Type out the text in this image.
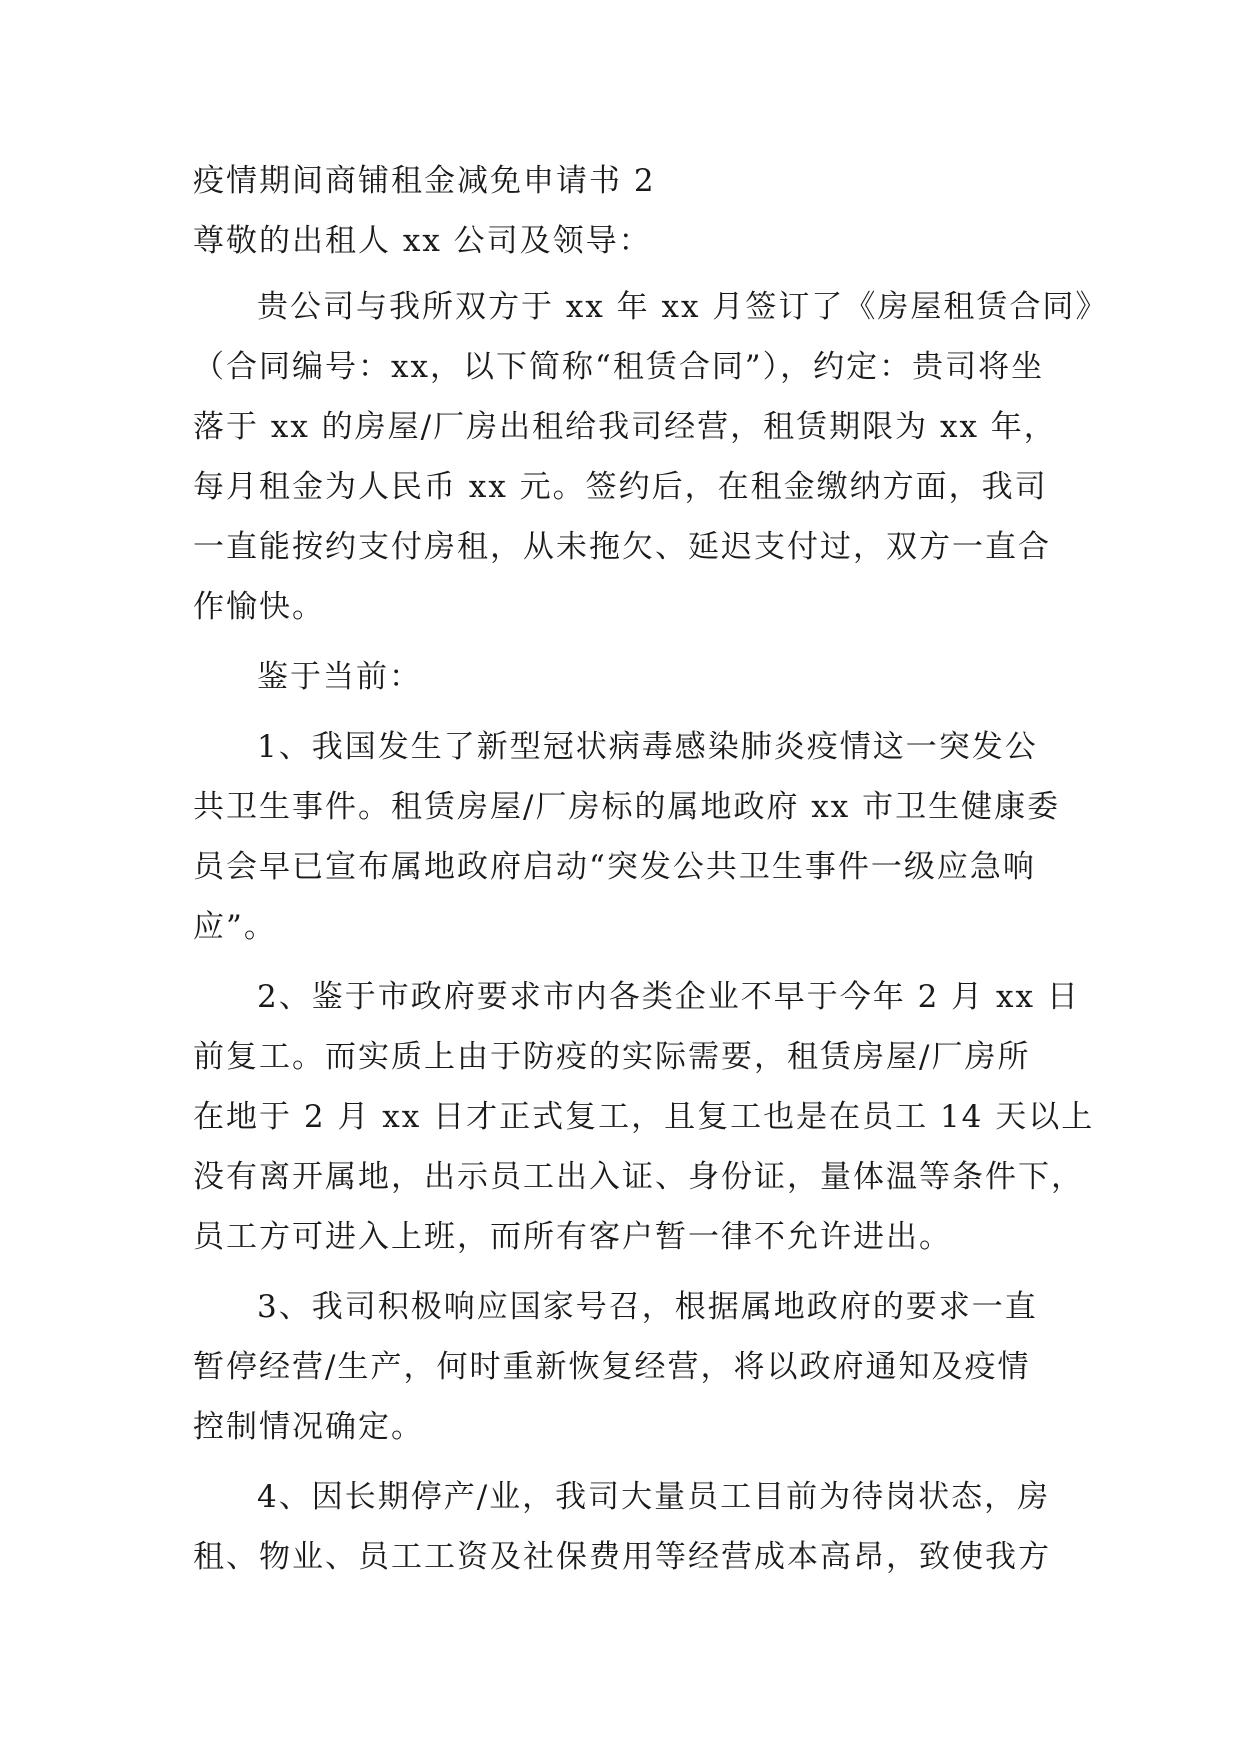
疫情期间商铺租金减免申请书 2
尊敬的出租人 xx 公司及领导：
贵公司与我所双方于 xx 年 xx 月签订了《房屋租赁合同》
（合同编号：xx，以下简称“租赁合同”），约定：贵司将坐
落于 xx 的房屋/厂房出租给我司经营，租赁期限为 xx 年，
每月租金为人民币 xx 元。签约后，在租金缴纳方面，我司
一直能按约支付房租，从未拖欠、延迟支付过，双方一直合
作愉快。
鉴于当前：
1、我国发生了新型冠状病毒感染肺炎疫情这一突发公
共卫生事件。租赁房屋/厂房标的属地政府 xx 市卫生健康委
员会早已宣布属地政府启动“突发公共卫生事件一级应急响
应”。
2、鉴于市政府要求市内各类企业不早于今年 2 月 xx 日
前复工。而实质上由于防疫的实际需要，租赁房屋/厂房所
在地于 2 月 xx 日才正式复工，且复工也是在员工 14 天以上
没有离开属地，出示员工出入证、身份证，量体温等条件下，
员工方可进入上班，而所有客户暂一律不允许进出。
3、我司积极响应国家号召，根据属地政府的要求一直
暂停经营/生产，何时重新恢复经营，将以政府通知及疫情
控制情况确定。
4、因长期停产/业，我司大量员工目前为待岗状态，房
租、物业、员工工资及社保费用等经营成本高昂，致使我方
